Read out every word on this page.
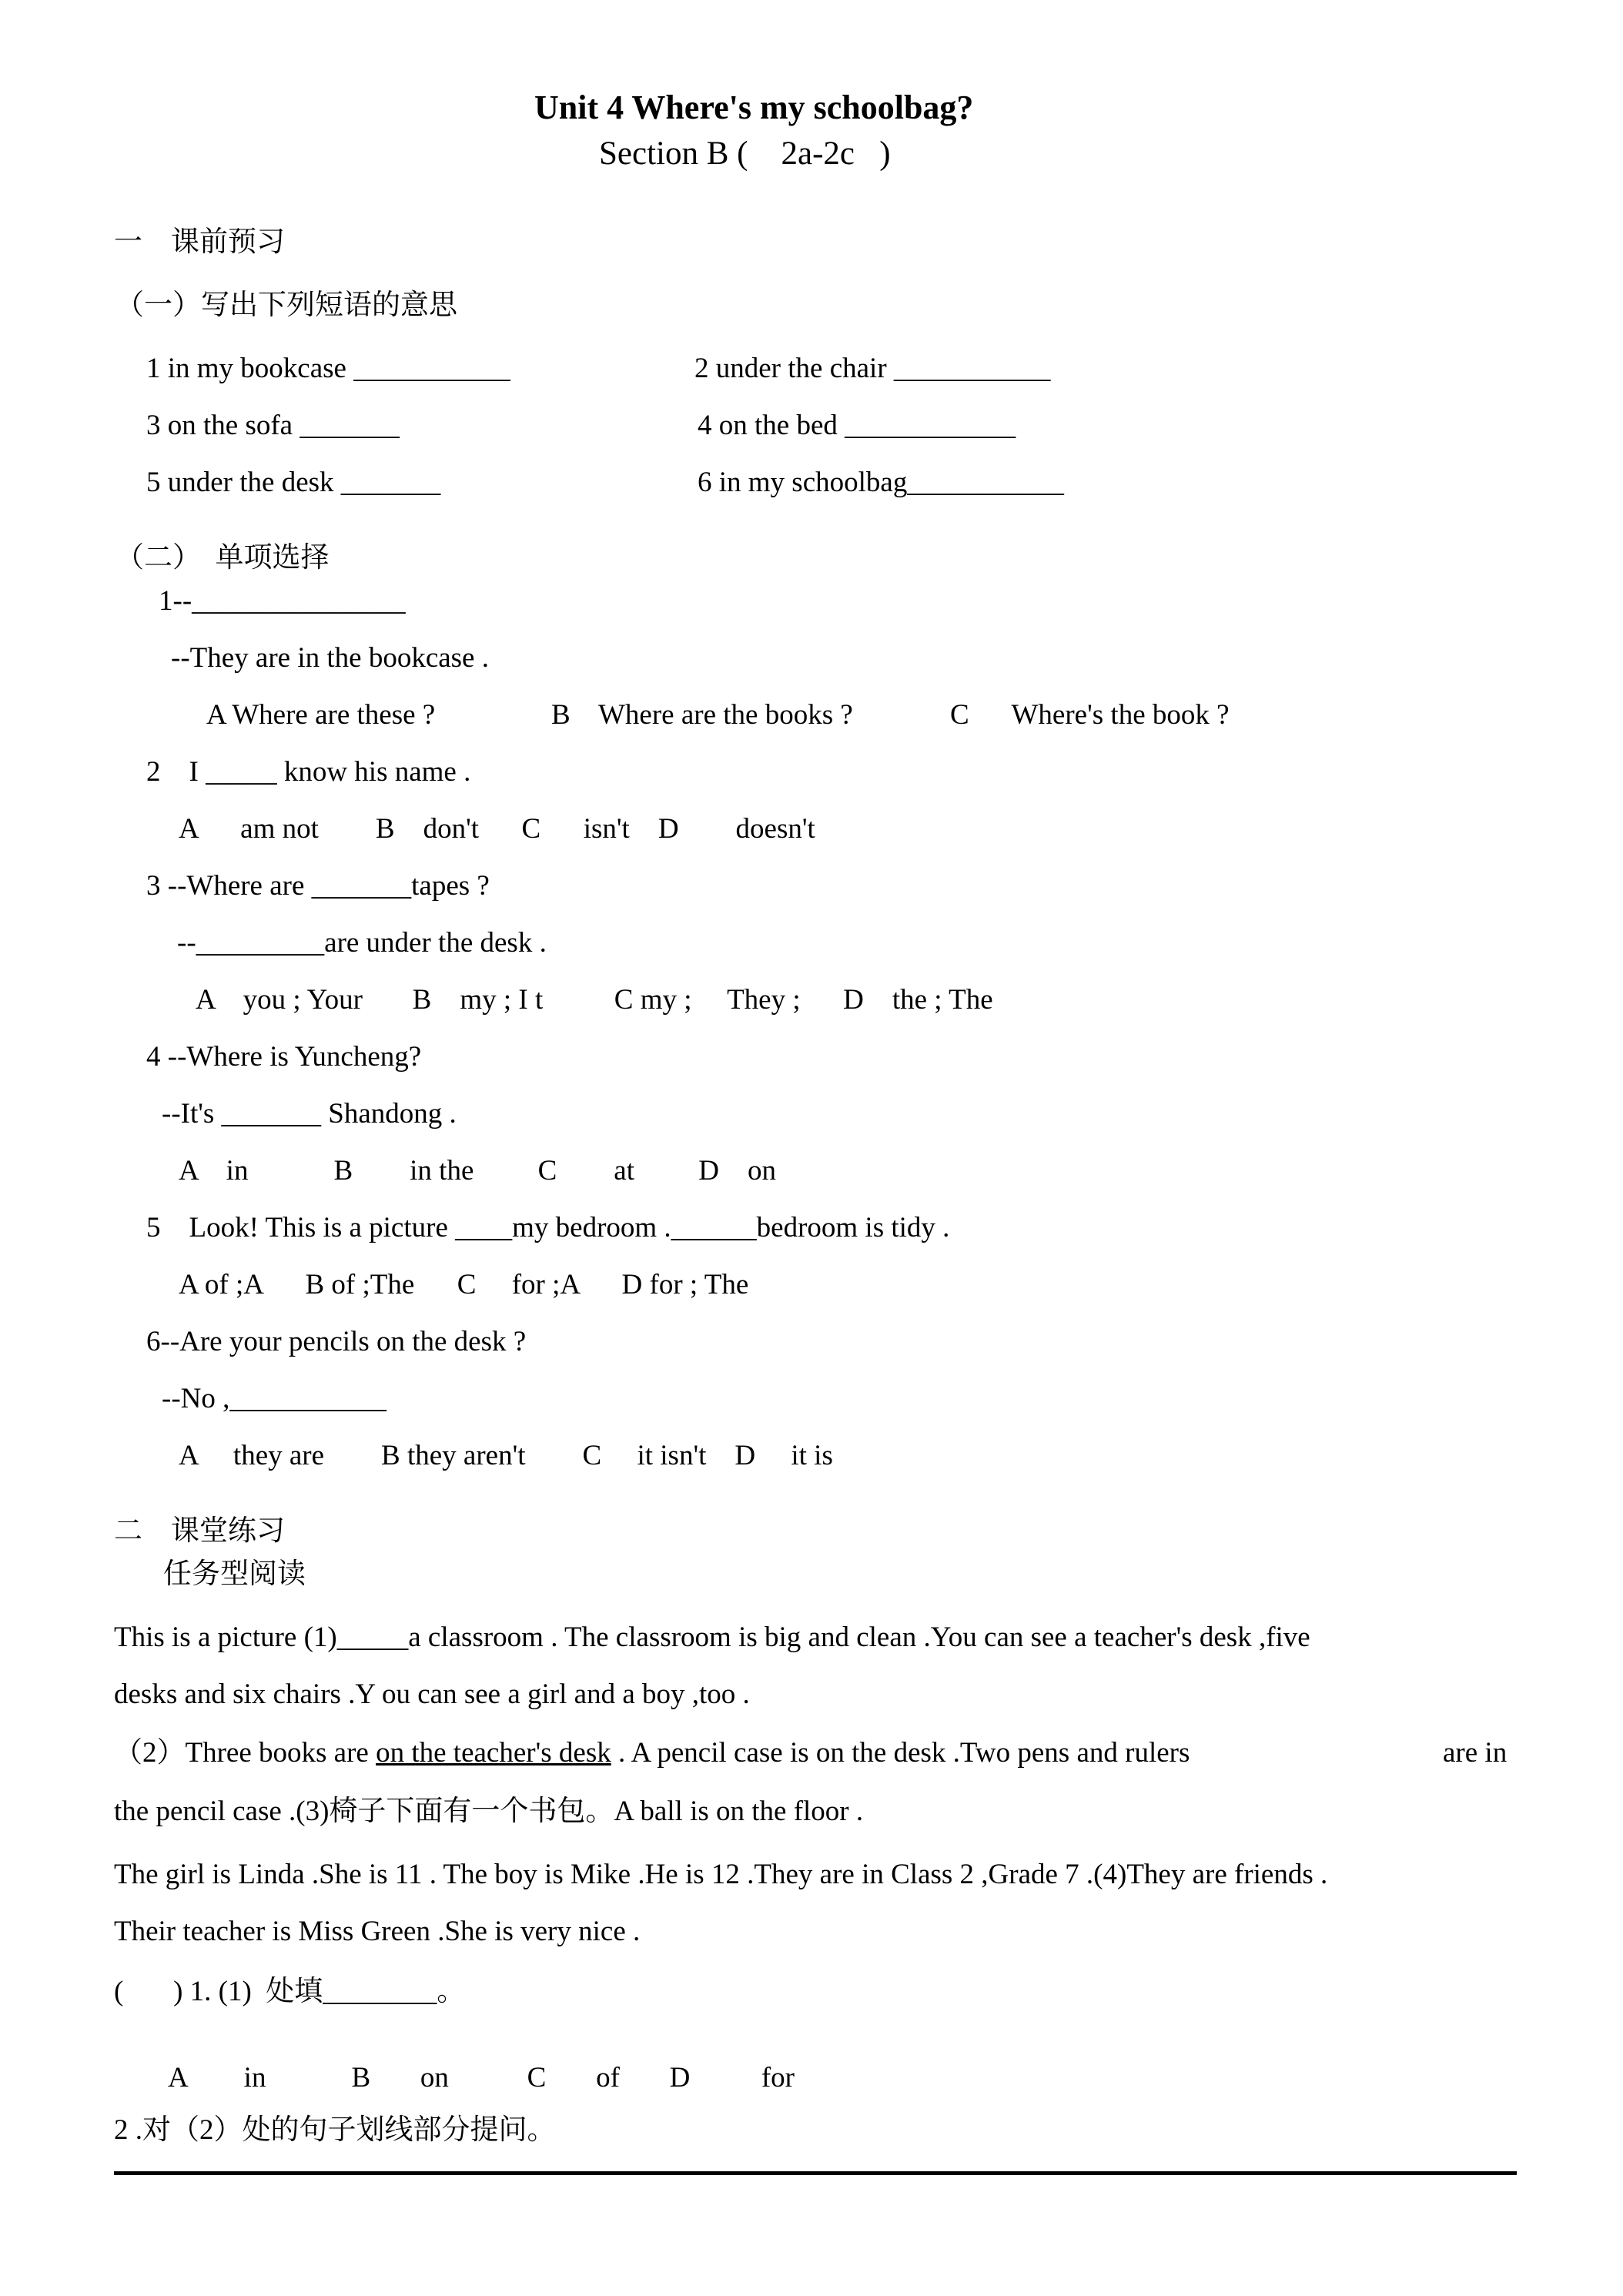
Unit 4 Where's my schoolbag?
Section B (    2a-2c   )
一    课前预习
（一）写出下列短语的意思
1 in my bookcase ___________	2 under the chair ___________
3 on the sofa _______	4 on the bed ____________
5 under the desk _______	6 in my schoolbag___________
（二）  单项选择
1--_______________
--They are in the bookcase .
A Where are these ?	B    Where are the books ?	C      Where's the book ?
2    I _____ know his name .
A      am not        B    don't      C      isn't    D        doesn't
3 --Where are _______tapes ?
--_________are under the desk .
A    you ; Your       B    my ; I t          C my ;     They ;      D    the ; The
4 --Where is Yuncheng?
--It's _______ Shandong .
A    in            B        in the         C        at         D    on
5    Look! This is a picture ____my bedroom .______bedroom is tidy .
A of ;A      B of ;The      C     for ;A      D for ; The
6--Are your pencils on the desk ?
--No ,___________
A     they are        B they aren't        C     it isn't    D     it is
二    课堂练习
任务型阅读
This is a picture (1)_____a classroom . The classroom is big and clean .You can see a teacher's desk ,five
desks and six chairs .Y ou can see a girl and a boy ,too .
（2）Three books are on the teacher's desk . A pencil case is on the desk .Two pens and rulers	are in
the pencil case .(3)椅子下面有一个书包。A ball is on the floor .
The girl is Linda .She is 11 . The boy is Mike .He is 12 .They are in Class 2 ,Grade 7 .(4)They are friends .
Their teacher is Miss Green .She is very nice .
(       ) 1. (1)  处填________。
A        in            B       on           C       of       D          for
2 .对（2）处的句子划线部分提问。
